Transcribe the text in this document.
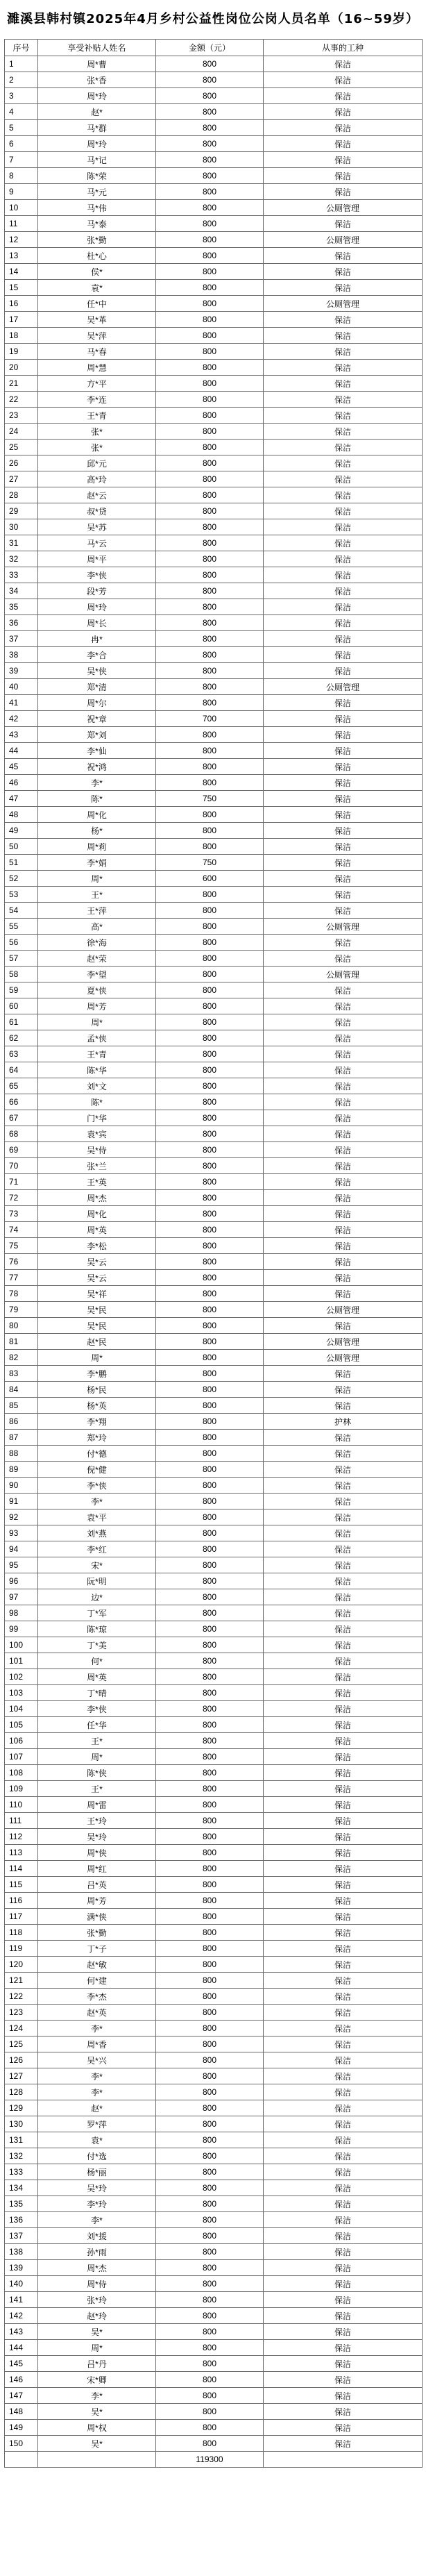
濉溪县韩村镇2025年4月乡村公益性岗位公岗人员名单（16~59岁）
序号	享受补贴人姓名	金额（元）	从事的工种
1	周*曹	800	保洁
2	张*香	800	保洁
3	周*玲	800	保洁
4	赵*	800	保洁
5	马*群	800	保洁
6	周*玲	800	保洁
7	马*记	800	保洁
8	陈*荣	800	保洁
9	马*元	800	保洁
10	马*伟	800	公厕管理
11	马*泰	800	保洁
12	张*勤	800	公厕管理
13	杜*心	800	保洁
14	侯*	800	保洁
15	袁*	800	保洁
16	任*中	800	公厕管理
17	吴*革	800	保洁
18	吴*萍	800	保洁
19	马*春	800	保洁
20	周*慧	800	保洁
21	方*平	800	保洁
22	李*连	800	保洁
23	王*青	800	保洁
24	张*	800	保洁
25	张*	800	保洁
26	邱*元	800	保洁
27	高*玲	800	保洁
28	赵*云	800	保洁
29	叔*贷	800	保洁
30	吴*苏	800	保洁
31	马*云	800	保洁
32	周*平	800	保洁
33	李*侠	800	保洁
34	段*芳	800	保洁
35	周*玲	800	保洁
36	周*长	800	保洁
37	冉*	800	保洁
38	李*合	800	保洁
39	吴*侠	800	保洁
40	郑*清	800	公厕管理
41	周*尔	800	保洁
42	祝*章	700	保洁
43	郑*刘	800	保洁
44	李*仙	800	保洁
45	祝*鸿	800	保洁
46	李*	800	保洁
47	陈*	750	保洁
48	周*化	800	保洁
49	杨*	800	保洁
50	周*莉	800	保洁
51	李*娟	750	保洁
52	周*	600	保洁
53	王*	800	保洁
54	王*萍	800	保洁
55	高*	800	公厕管理
56	徐*海	800	保洁
57	赵*荣	800	保洁
58	李*望	800	公厕管理
59	夏*侠	800	保洁
60	周*芳	800	保洁
61	周*	800	保洁
62	孟*侠	800	保洁
63	王*青	800	保洁
64	陈*华	800	保洁
65	刘*文	800	保洁
66	陈*	800	保洁
67	门*华	800	保洁
68	袁*宾	800	保洁
69	吴*侍	800	保洁
70	张*兰	800	保洁
71	王*英	800	保洁
72	周*杰	800	保洁
73	周*化	800	保洁
74	周*英	800	保洁
75	李*松	800	保洁
76	吴*云	800	保洁
77	吴*云	800	保洁
78	吴*祥	800	保洁
79	吴*民	800	公厕管理
80	吴*民	800	保洁
81	赵*民	800	公厕管理
82	周*	800	公厕管理
83	李*鹏	800	保洁
84	杨*民	800	保洁
85	杨*英	800	保洁
86	李*翔	800	护林
87	郑*玲	800	保洁
88	付*德	800	保洁
89	倪*健	800	保洁
90	李*侠	800	保洁
91	李*	800	保洁
92	袁*平	800	保洁
93	刘*燕	800	保洁
94	李*红	800	保洁
95	宋*	800	保洁
96	阮*明	800	保洁
97	边*	800	保洁
98	丁*军	800	保洁
99	陈*琼	800	保洁
100	丁*美	800	保洁
101	何*	800	保洁
102	周*英	800	保洁
103	丁*晴	800	保洁
104	李*侠	800	保洁
105	任*华	800	保洁
106	王*	800	保洁
107	周*	800	保洁
108	陈*侠	800	保洁
109	王*	800	保洁
110	周*雷	800	保洁
111	王*玲	800	保洁
112	吴*玲	800	保洁
113	周*侠	800	保洁
114	周*红	800	保洁
115	吕*英	800	保洁
116	周*芳	800	保洁
117	满*侠	800	保洁
118	张*勤	800	保洁
119	丁*子	800	保洁
120	赵*敏	800	保洁
121	何*建	800	保洁
122	李*杰	800	保洁
123	赵*英	800	保洁
124	李*	800	保洁
125	周*香	800	保洁
126	吴*兴	800	保洁
127	李*	800	保洁
128	李*	800	保洁
129	赵*	800	保洁
130	罗*萍	800	保洁
131	袁*	800	保洁
132	付*选	800	保洁
133	杨*丽	800	保洁
134	吴*玲	800	保洁
135	李*玲	800	保洁
136	李*	800	保洁
137	刘*援	800	保洁
138	孙*雨	800	保洁
139	周*杰	800	保洁
140	周*侍	800	保洁
141	张*玲	800	保洁
142	赵*玲	800	保洁
143	吴*	800	保洁
144	周*	800	保洁
145	吕*丹	800	保洁
146	宋*卿	800	保洁
147	李*	800	保洁
148	吴*	800	保洁
149	周*权	800	保洁
150	吴*	800	保洁
		119300	
